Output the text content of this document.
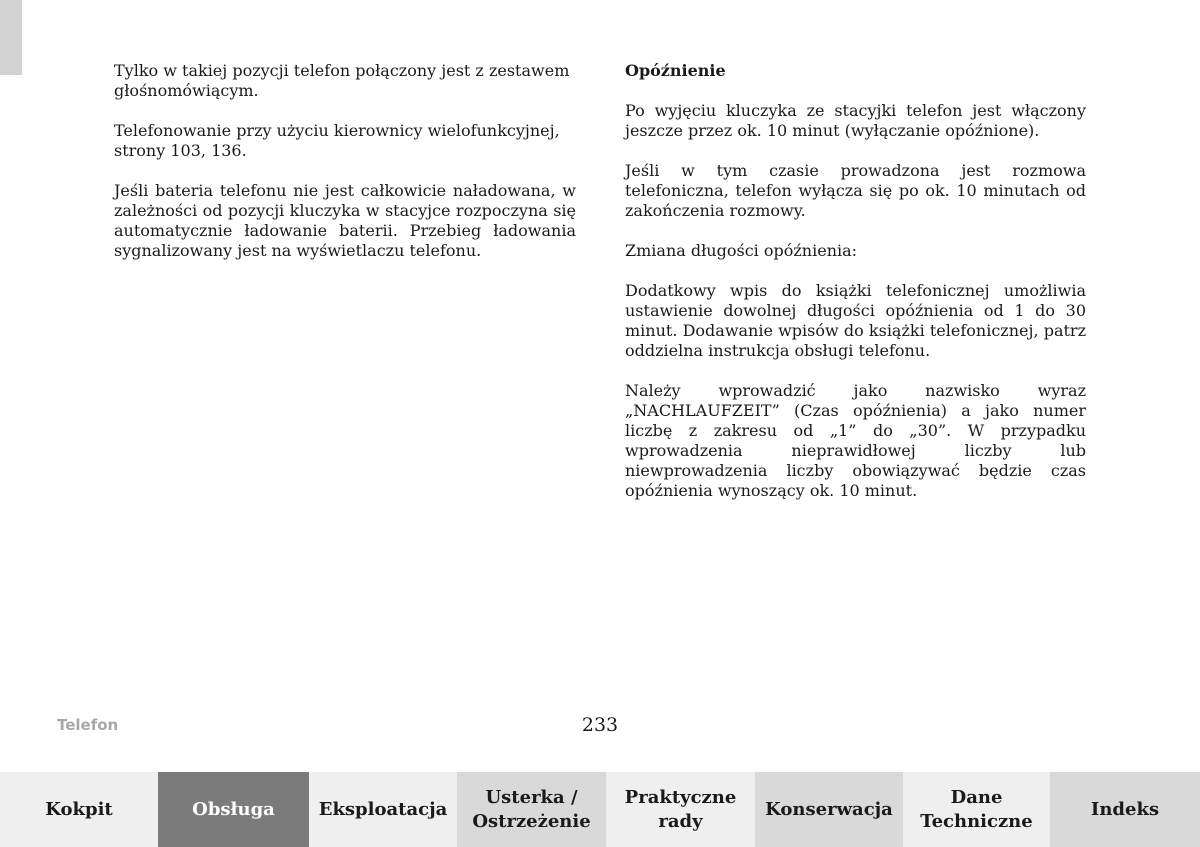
Tylko w takiej pozycji telefon połączony jest z zestawem
głośnomówiącym.

Telefonowanie przy użyciu kierownicy wielofunkcyjnej,
strony 103, 136.

Jeśli bateria telefonu nie jest całkowicie naładowana, w zależności od pozycji kluczyka w stacyjce rozpoczyna się automatycznie ładowanie baterii. Przebieg ładowania sygnalizowany jest na wyświetlaczu telefonu.

Opóźnienie

Po wyjęciu kluczyka ze stacyjki telefon jest włączony jeszcze przez ok. 10 minut (wyłączanie opóźnione).

Jeśli w tym czasie prowadzona jest rozmowa telefoniczna, telefon wyłącza się po ok. 10 minutach od zakończenia rozmowy.

Zmiana długości opóźnienia:

Dodatkowy wpis do książki telefonicznej umożliwia ustawienie dowolnej długości opóźnienia od 1 do 30 minut. Dodawanie wpisów do książki telefonicznej, patrz oddzielna instrukcja obsługi telefonu.

Należy wprowadzić jako nazwisko wyraz „NACHLAUFZEIT” (Czas opóźnienia) a jako numer liczbę z zakresu od „1” do „30”. W przypadku wprowadzenia nieprawidłowej liczby lub niewprowadzenia liczby obowiązywać będzie czas opóźnienia wynoszący ok. 10 minut.

Telefon	233
Kokpit	Obsługa	Eksploatacja
Usterka /
Ostrzeżenie
Praktyczne
rady
Konserwacja
Dane
Techniczne
Indeks
